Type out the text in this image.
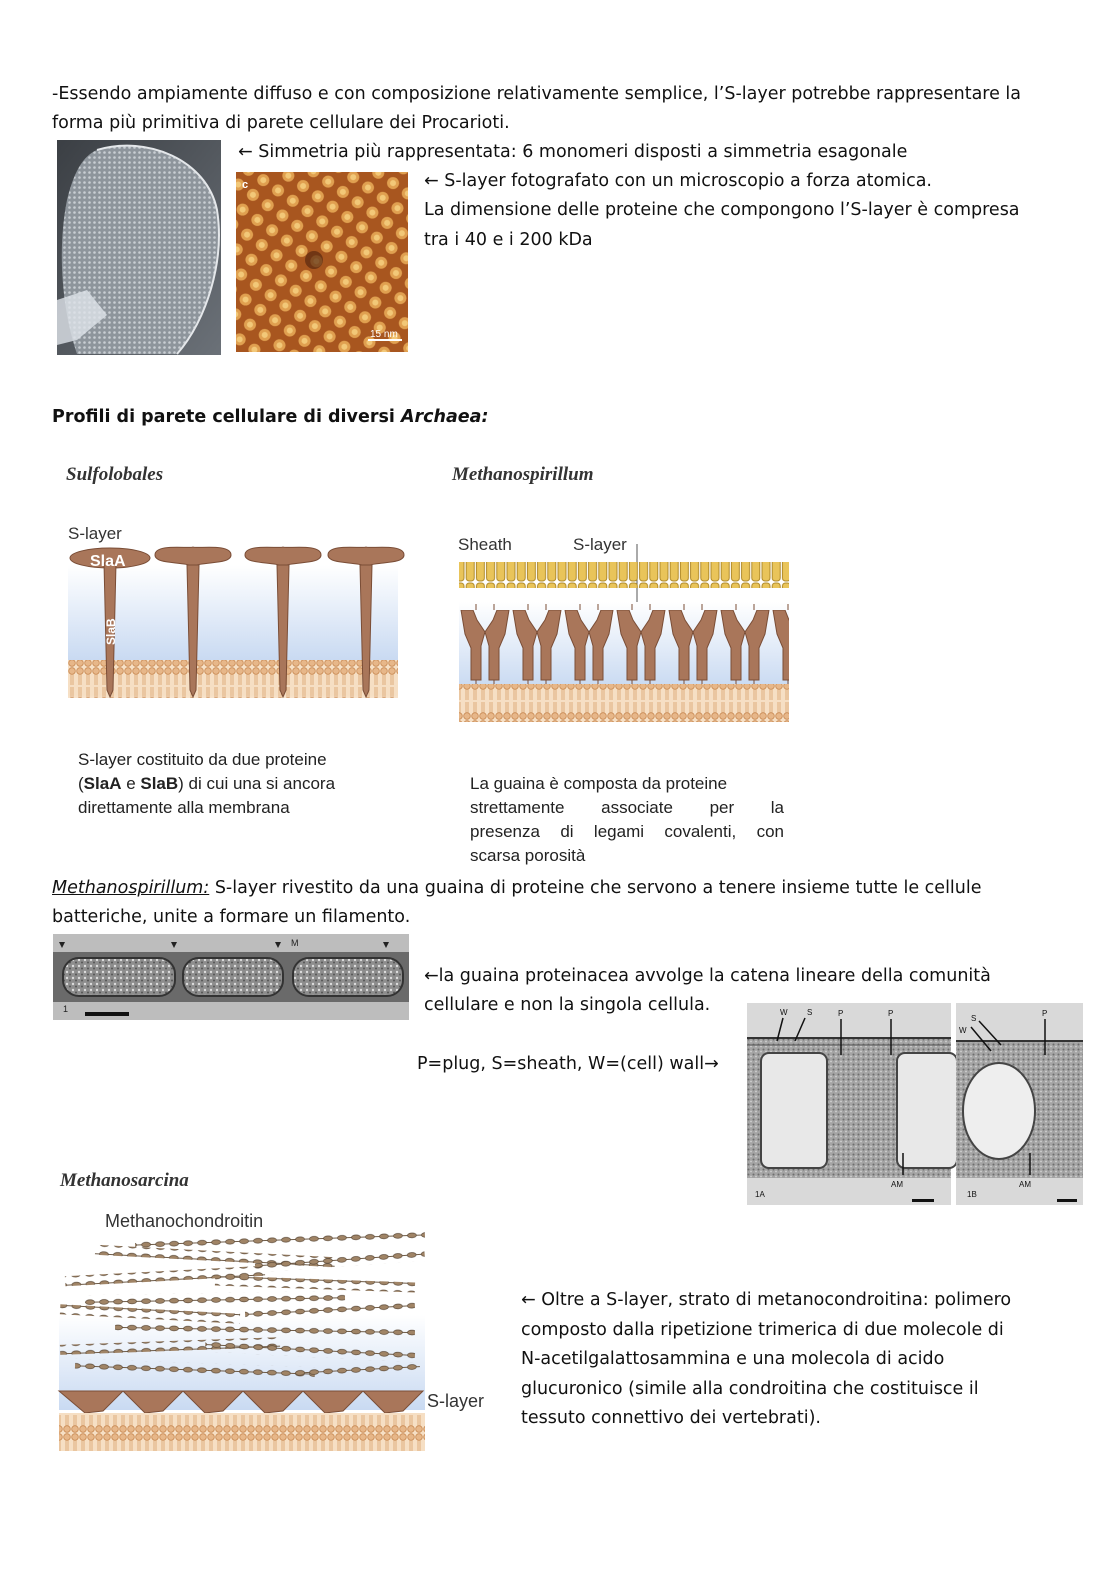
-Essendo ampiamente diffuso e con composizione relativamente semplice, l’S-layer potrebbe rappresentare la
forma più primitiva di parete cellulare dei Procarioti.
c
15 nm
← Simmetria più rappresentata: 6 monomeri disposti a simmetria esagonale
← S-layer fotografato con un microscopio a forza atomica.
La dimensione delle proteine che compongono l’S-layer è compresa
tra i 40 e i 200 kDa
Profili di parete cellulare di diversi Archaea:
Sulfolobales
S-layer
SlaA
SlaB
S-layer costituito da due proteine
(SlaA e SlaB) di cui una si ancora
direttamente alla membrana
Methanospirillum
Sheath	S-layer
La guaina è composta da proteine
strettamente associate per la
presenza di legami covalenti, con
scarsa porosità
Methanospirillum: S-layer rivestito da una guaina di proteine che servono a tenere insieme tutte le cellule
batteriche, unite a formare un filamento.
M
1
←la guaina proteinacea avvolge la catena lineare della comunità
cellulare e non la singola cellula.
P=plug, S=sheath, W=(cell) wall→
W S	P	P
AM
W
S
P
AM
1A	1B
Methanosarcina
Methanochondroitin
S-layer
← Oltre a S-layer, strato di metanocondroitina: polimero
composto dalla ripetizione trimerica di due molecole di
N-acetilgalattosammina e una molecola di acido
glucuronico (simile alla condroitina che costituisce il
tessuto connettivo dei vertebrati).
